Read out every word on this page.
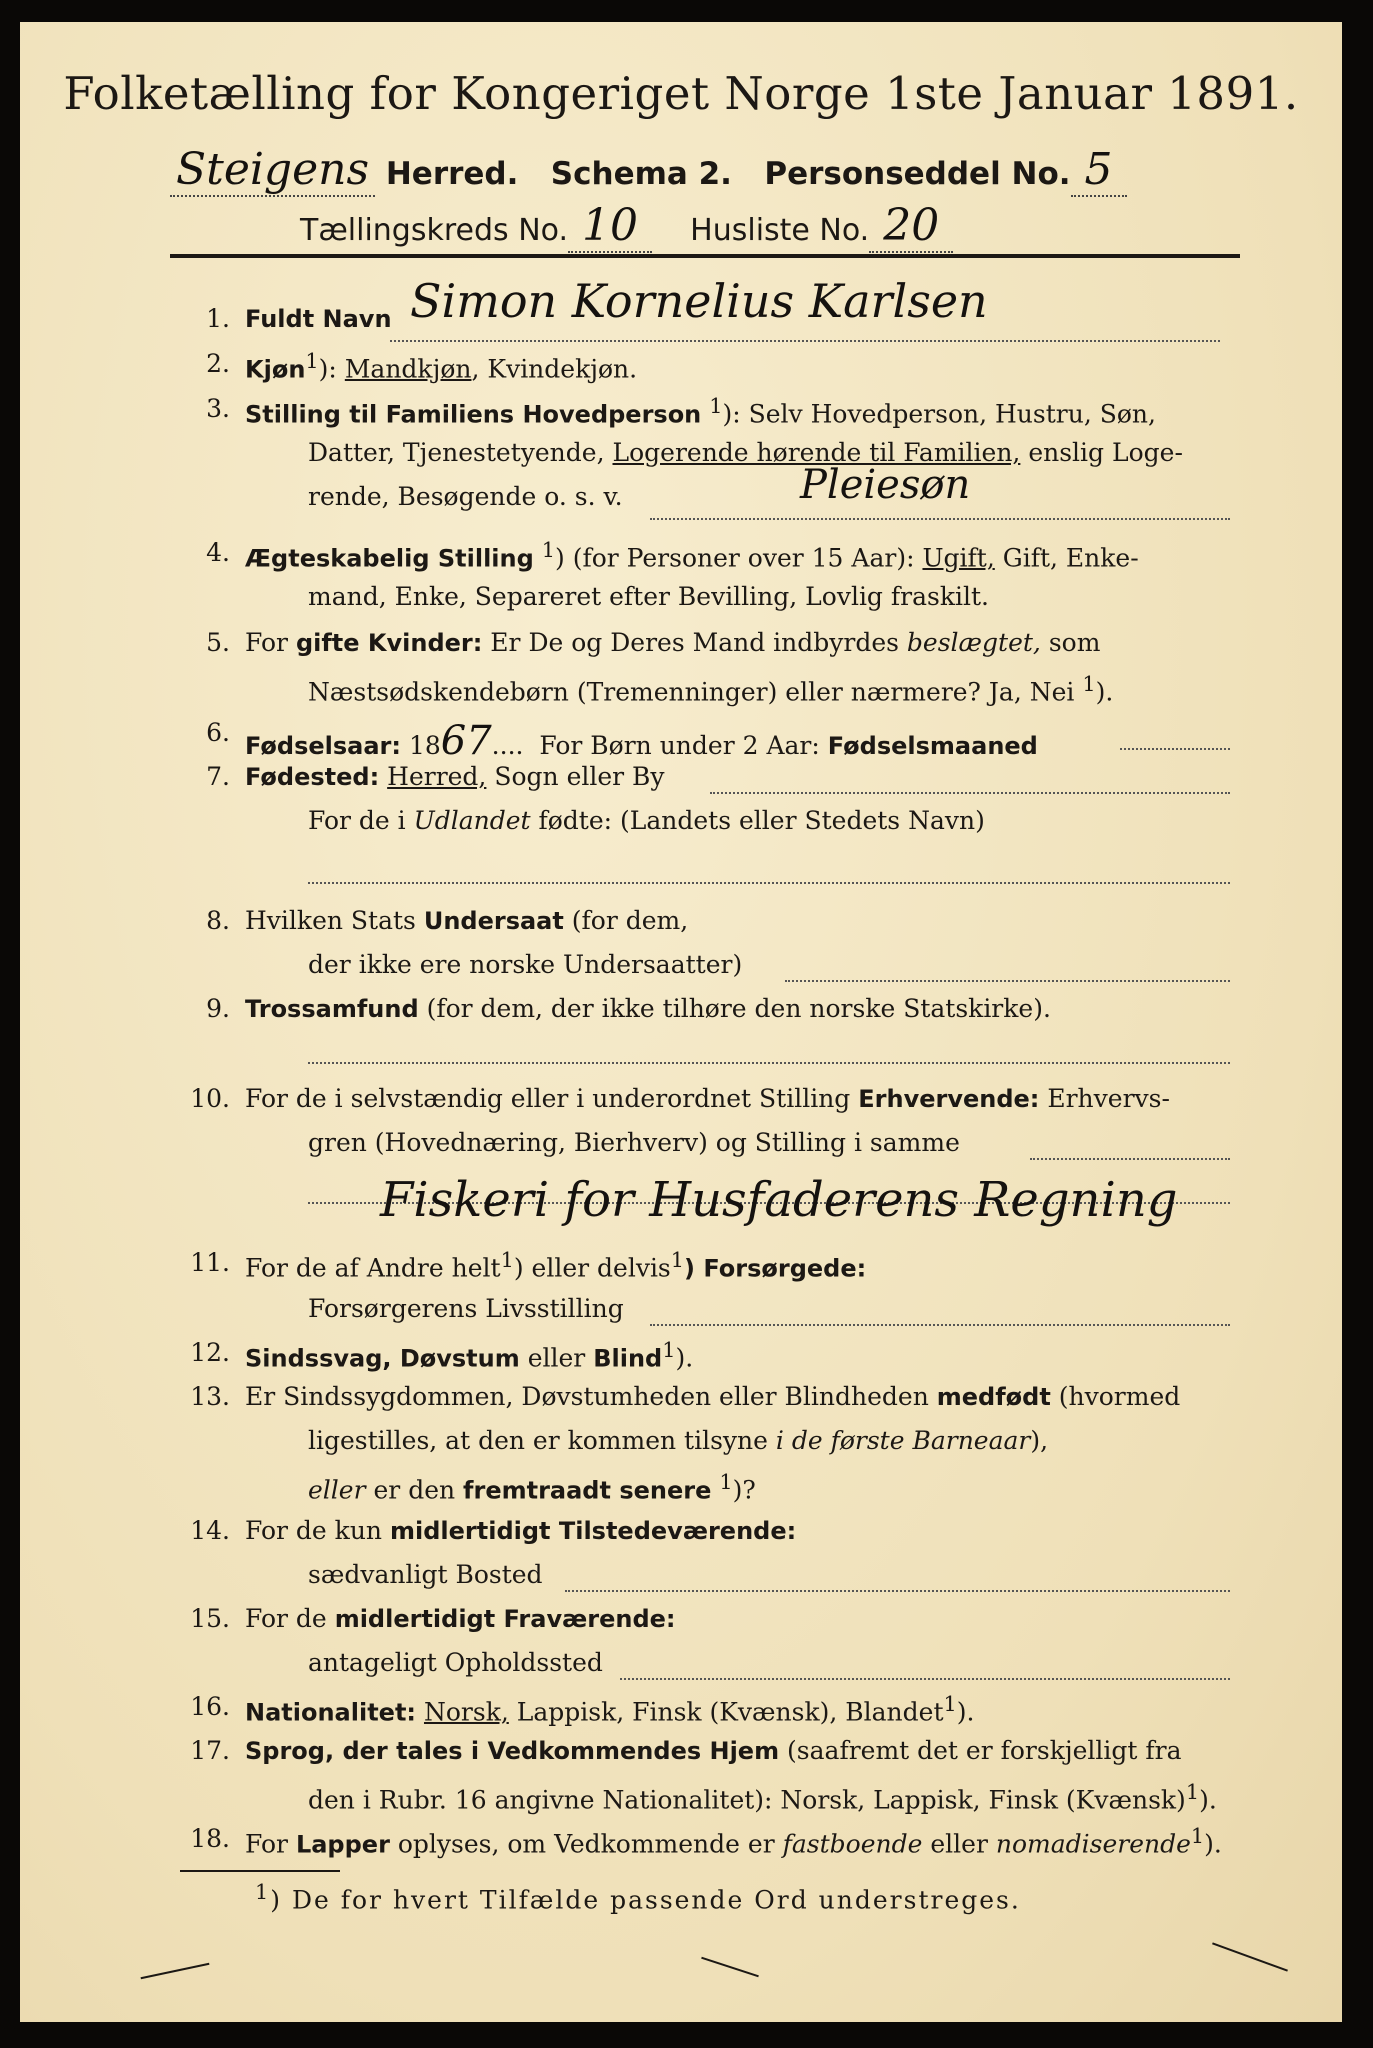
Folketælling for Kongeriget Norge 1ste Januar 1891.
Steigens Herred. Schema 2. Personseddel No. 5
Tællingskreds No. 10 Husliste No. 20
1. Fuldt Navn Simon Kornelius Karlsen
2. Kjøn$^1$): Mandkjøn, Kvindekjøn.
3. Stilling til Familiens Hovedperson $^1$): Selv Hovedperson, Hustru, Søn,
Datter, Tjenestetyende, Logerende hørende til Familien, enslig Loge-
rende, Besøgende o. s. v.	Pleiesøn
4. Ægteskabelig Stilling $^1$) (for Personer over 15 Aar): Ugift, Gift, Enke-
mand, Enke, Separeret efter Bevilling, Lovlig fraskilt.
5. For gifte Kvinder: Er De og Deres Mand indbyrdes beslægtet, som
Næstsødskendebørn (Tremenninger) eller nærmere? Ja, Nei $^1$).
6. Fødselsaar: 1867....  For Børn under 2 Aar: Fødselsmaaned
7. Fødested: Herred, Sogn eller By
For de i Udlandet fødte: (Landets eller Stedets Navn)
8. Hvilken Stats Undersaat (for dem,
der ikke ere norske Undersaatter)
9. Trossamfund (for dem, der ikke tilhøre den norske Statskirke).
10. For de i selvstændig eller i underordnet Stilling Erhvervende: Erhvervs-
gren (Hovednæring, Bierhverv) og Stilling i samme
Fiskeri for Husfaderens Regning
11. For de af Andre helt$^1$) eller delvis$^1$) Forsørgede:
Forsørgerens Livsstilling
12. Sindssvag, Døvstum eller Blind$^1$).
13. Er Sindssygdommen, Døvstumheden eller Blindheden medfødt (hvormed
ligestilles, at den er kommen tilsyne i de første Barneaar),
eller er den fremtraadt senere $^1$)?
14. For de kun midlertidigt Tilstedeværende:
sædvanligt Bosted
15. For de midlertidigt Fraværende:
antageligt Opholdssted
16. Nationalitet: Norsk, Lappisk, Finsk (Kvænsk), Blandet$^1$).
17. Sprog, der tales i Vedkommendes Hjem (saafremt det er forskjelligt fra
den i Rubr. 16 angivne Nationalitet): Norsk, Lappisk, Finsk (Kvænsk)$^1$).
18. For Lapper oplyses, om Vedkommende er fastboende eller nomadiserende$^1$).
$^1$) De for hvert Tilfælde passende Ord understreges.
